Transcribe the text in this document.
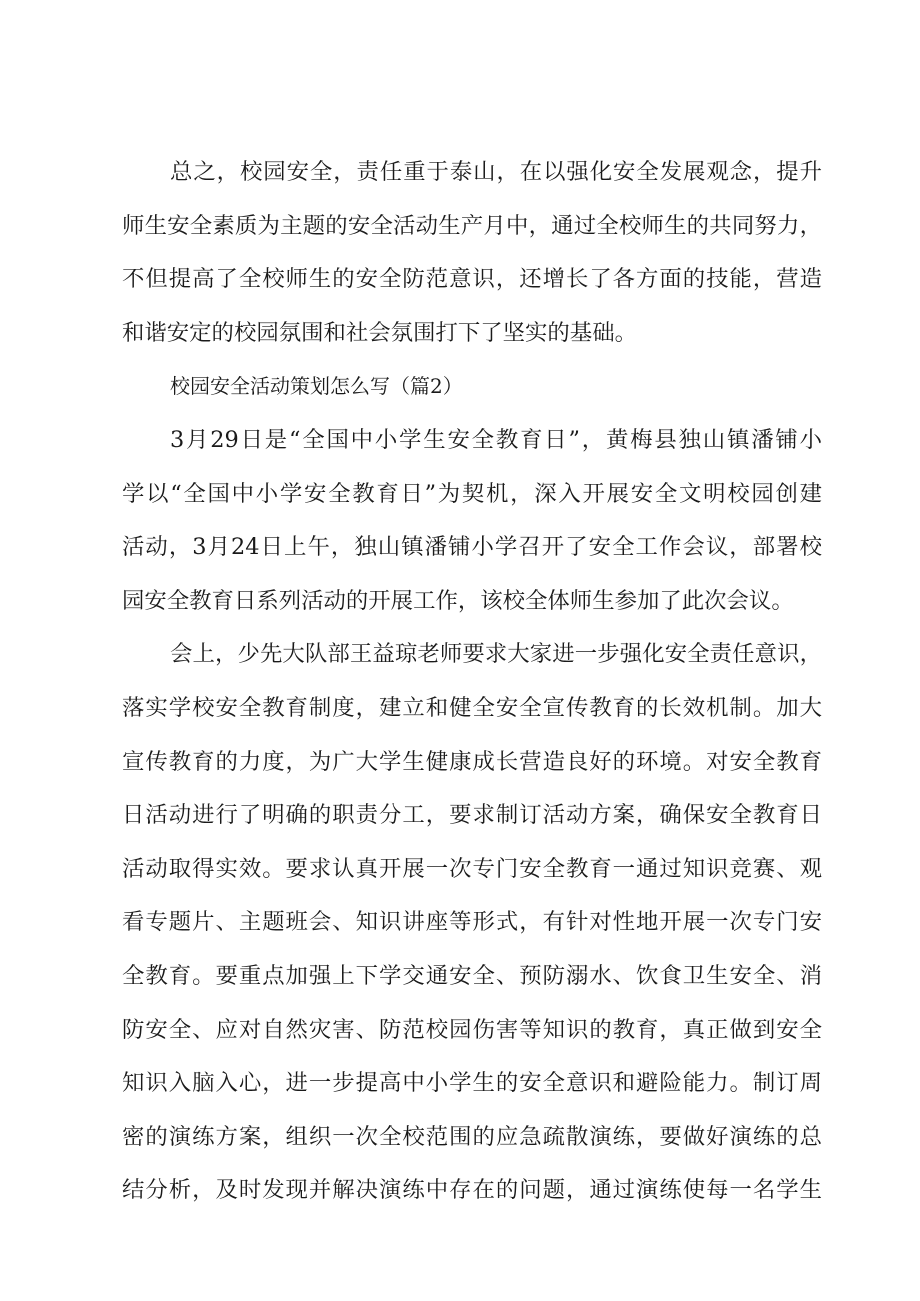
总之，校园安全，责任重于泰山，在以强化安全发展观念，提升
师生安全素质为主题的安全活动生产月中，通过全校师生的共同努力，
不但提高了全校师生的安全防范意识，还增长了各方面的技能，营造
和谐安定的校园氛围和社会氛围打下了坚实的基础。
校园安全活动策划怎么写（篇2）
3月29日是“全国中小学生安全教育日”，黄梅县独山镇潘铺小
学以“全国中小学安全教育日”为契机，深入开展安全文明校园创建
活动，3月24日上午，独山镇潘铺小学召开了安全工作会议，部署校
园安全教育日系列活动的开展工作，该校全体师生参加了此次会议。
会上，少先大队部王益琼老师要求大家进一步强化安全责任意识，
落实学校安全教育制度，建立和健全安全宣传教育的长效机制。加大
宣传教育的力度，为广大学生健康成长营造良好的环境。对安全教育
日活动进行了明确的职责分工，要求制订活动方案，确保安全教育日
活动取得实效。要求认真开展一次专门安全教育一通过知识竞赛、观
看专题片、主题班会、知识讲座等形式，有针对性地开展一次专门安
全教育。要重点加强上下学交通安全、预防溺水、饮食卫生安全、消
防安全、应对自然灾害、防范校园伤害等知识的教育，真正做到安全
知识入脑入心，进一步提高中小学生的安全意识和避险能力。制订周
密的演练方案，组织一次全校范围的应急疏散演练，要做好演练的总
结分析，及时发现并解决演练中存在的问题，通过演练使每一名学生
